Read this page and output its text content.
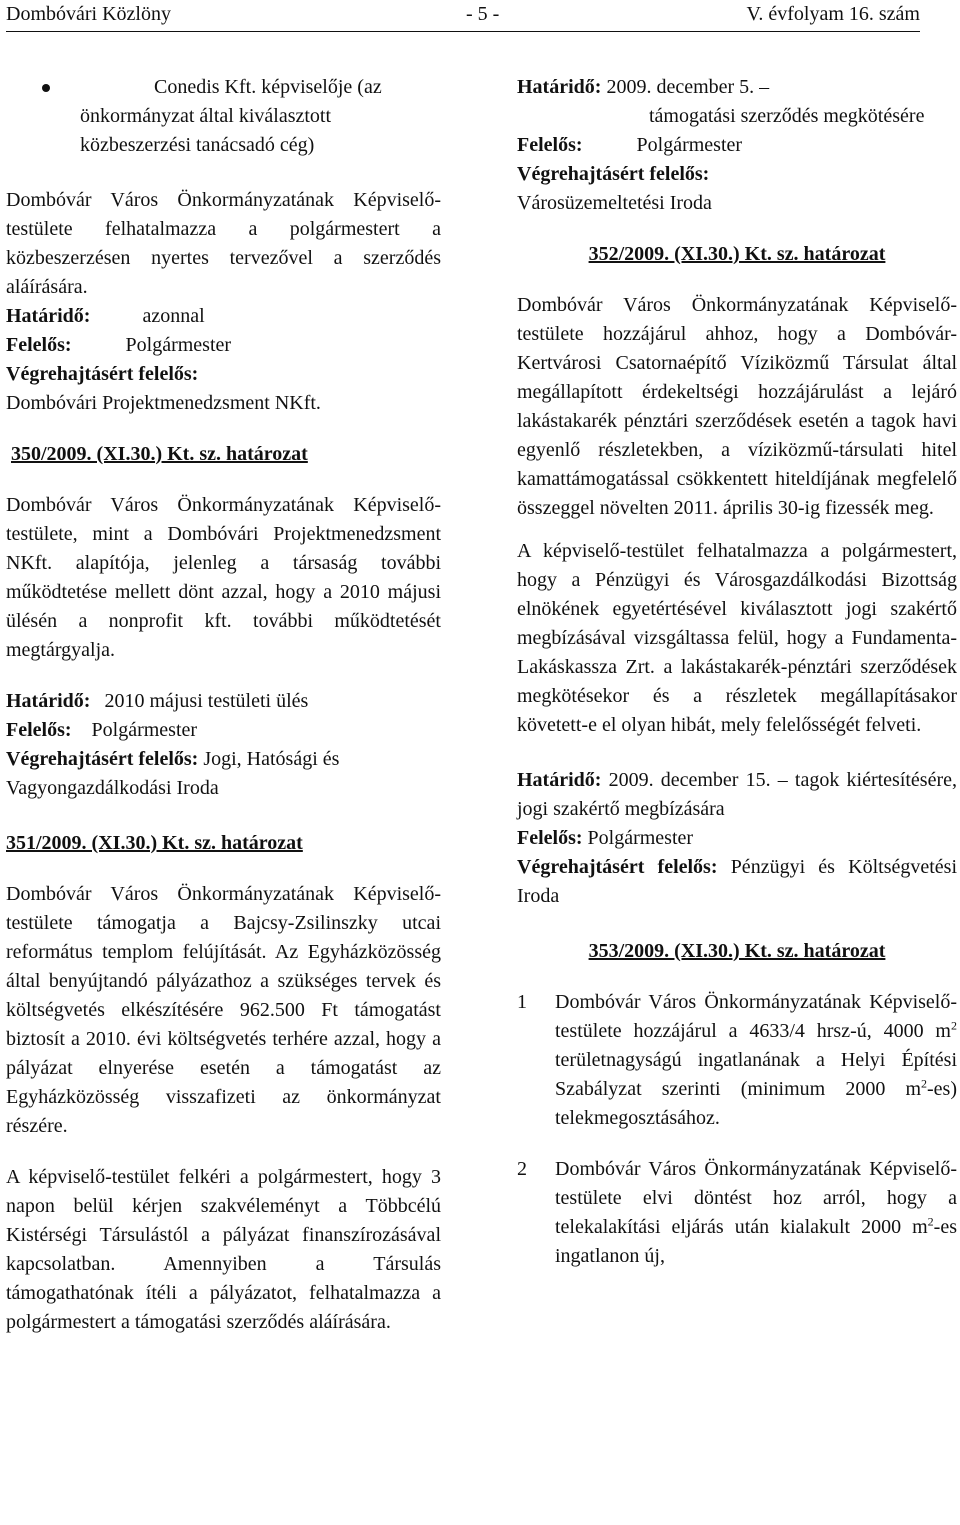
Dombóvári Közlöny	- 5 -	V. évfolyam 16. szám
Conedis Kft. képviselője (az

önkormányzat által kiválasztott közbeszerzési tanácsadó cég)

Dombóvár Város Önkormányzatának Képviselő-testülete felhatalmazza a polgármestert a közbeszerzésen nyertes tervezővel a szerződés aláírására.

Határidő:	azonnal

Felelős:	Polgármester

Végrehajtásért felelős:

Dombóvári Projektmenedzsment NKft.

350/2009. (XI.30.) Kt. sz. határozat

Dombóvár Város Önkormányzatának Képviselő-testülete, mint a Dombóvári Projektmenedzsment NKft. alapítója, jelenleg a társaság további működtetése mellett dönt azzal, hogy a 2010 májusi ülésén a nonprofit kft. további működtetését megtárgyalja.

Határidő: 2010 májusi testületi ülés

Felelős: Polgármester

Végrehajtásért felelős: Jogi, Hatósági és Vagyongazdálkodási Iroda

351/2009. (XI.30.) Kt. sz. határozat

Dombóvár Város Önkormányzatának Képviselő-testülete támogatja a Bajcsy-Zsilinszky utcai református templom felújítását. Az Egyházközösség által benyújtandó pályázathoz a szükséges tervek és költségvetés elkészítésére 962.500 Ft támogatást biztosít a 2010. évi költségvetés terhére azzal, hogy a pályázat elnyerése esetén a támogatást az Egyházközösség visszafizeti az önkormányzat részére.

A képviselő-testület felkéri a polgármestert, hogy 3 napon belül kérjen szakvéleményt a Többcélú Kistérségi Társulástól a pályázat finanszírozásával kapcsolatban. Amennyiben a Társulás támogathatónak ítéli a pályázatot, felhatalmazza a polgármestert a támogatási szerződés aláírására.

Határidő: 2009. december 5. –

támogatási szerződés megkötésére

Felelős:	Polgármester

Végrehajtásért felelős:

Városüzemeltetési Iroda

352/2009. (XI.30.) Kt. sz. határozat

Dombóvár Város Önkormányzatának Képviselő-testülete hozzájárul ahhoz, hogy a Dombóvár-Kertvárosi Csatornaépítő Víziközmű Társulat által megállapított érdekeltségi hozzájárulást a lejáró lakástakarék pénztári szerződések esetén a tagok havi egyenlő részletekben, a víziközmű-társulati hitel kamattámogatással csökkentett hiteldíjának megfelelő összeggel növelten 2011. április 30-ig fizessék meg.

A képviselő-testület felhatalmazza a polgármestert, hogy a Pénzügyi és Városgazdálkodási Bizottság elnökének egyetértésével kiválasztott jogi szakértő megbízásával vizsgáltassa felül, hogy a Fundamenta-Lakáskassza Zrt. a lakástakarék-pénztári szerződések megkötésekor és a részletek megállapításakor követett-e el olyan hibát, mely felelősségét felveti.

Határidő: 2009. december 15. – tagok kiértesítésére, jogi szakértő megbízására

Felelős: Polgármester

Végrehajtásért felelős: Pénzügyi és Költségvetési Iroda

353/2009. (XI.30.) Kt. sz. határozat

1 Dombóvár Város Önkormányzatának Képviselő-testülete hozzájárul a 4633/4 hrsz-ú, 4000 $m^2$ területnagyságú ingatlanának a Helyi Építési Szabályzat szerinti (minimum 2000 $m^2-es$) telekmegosztásához.

2 Dombóvár Város Önkormányzatának Képviselő-testülete elvi döntést hoz arról, hogy a telekalakítási eljárás után kialakult 2000 $m^2-es$ ingatlanon új,
